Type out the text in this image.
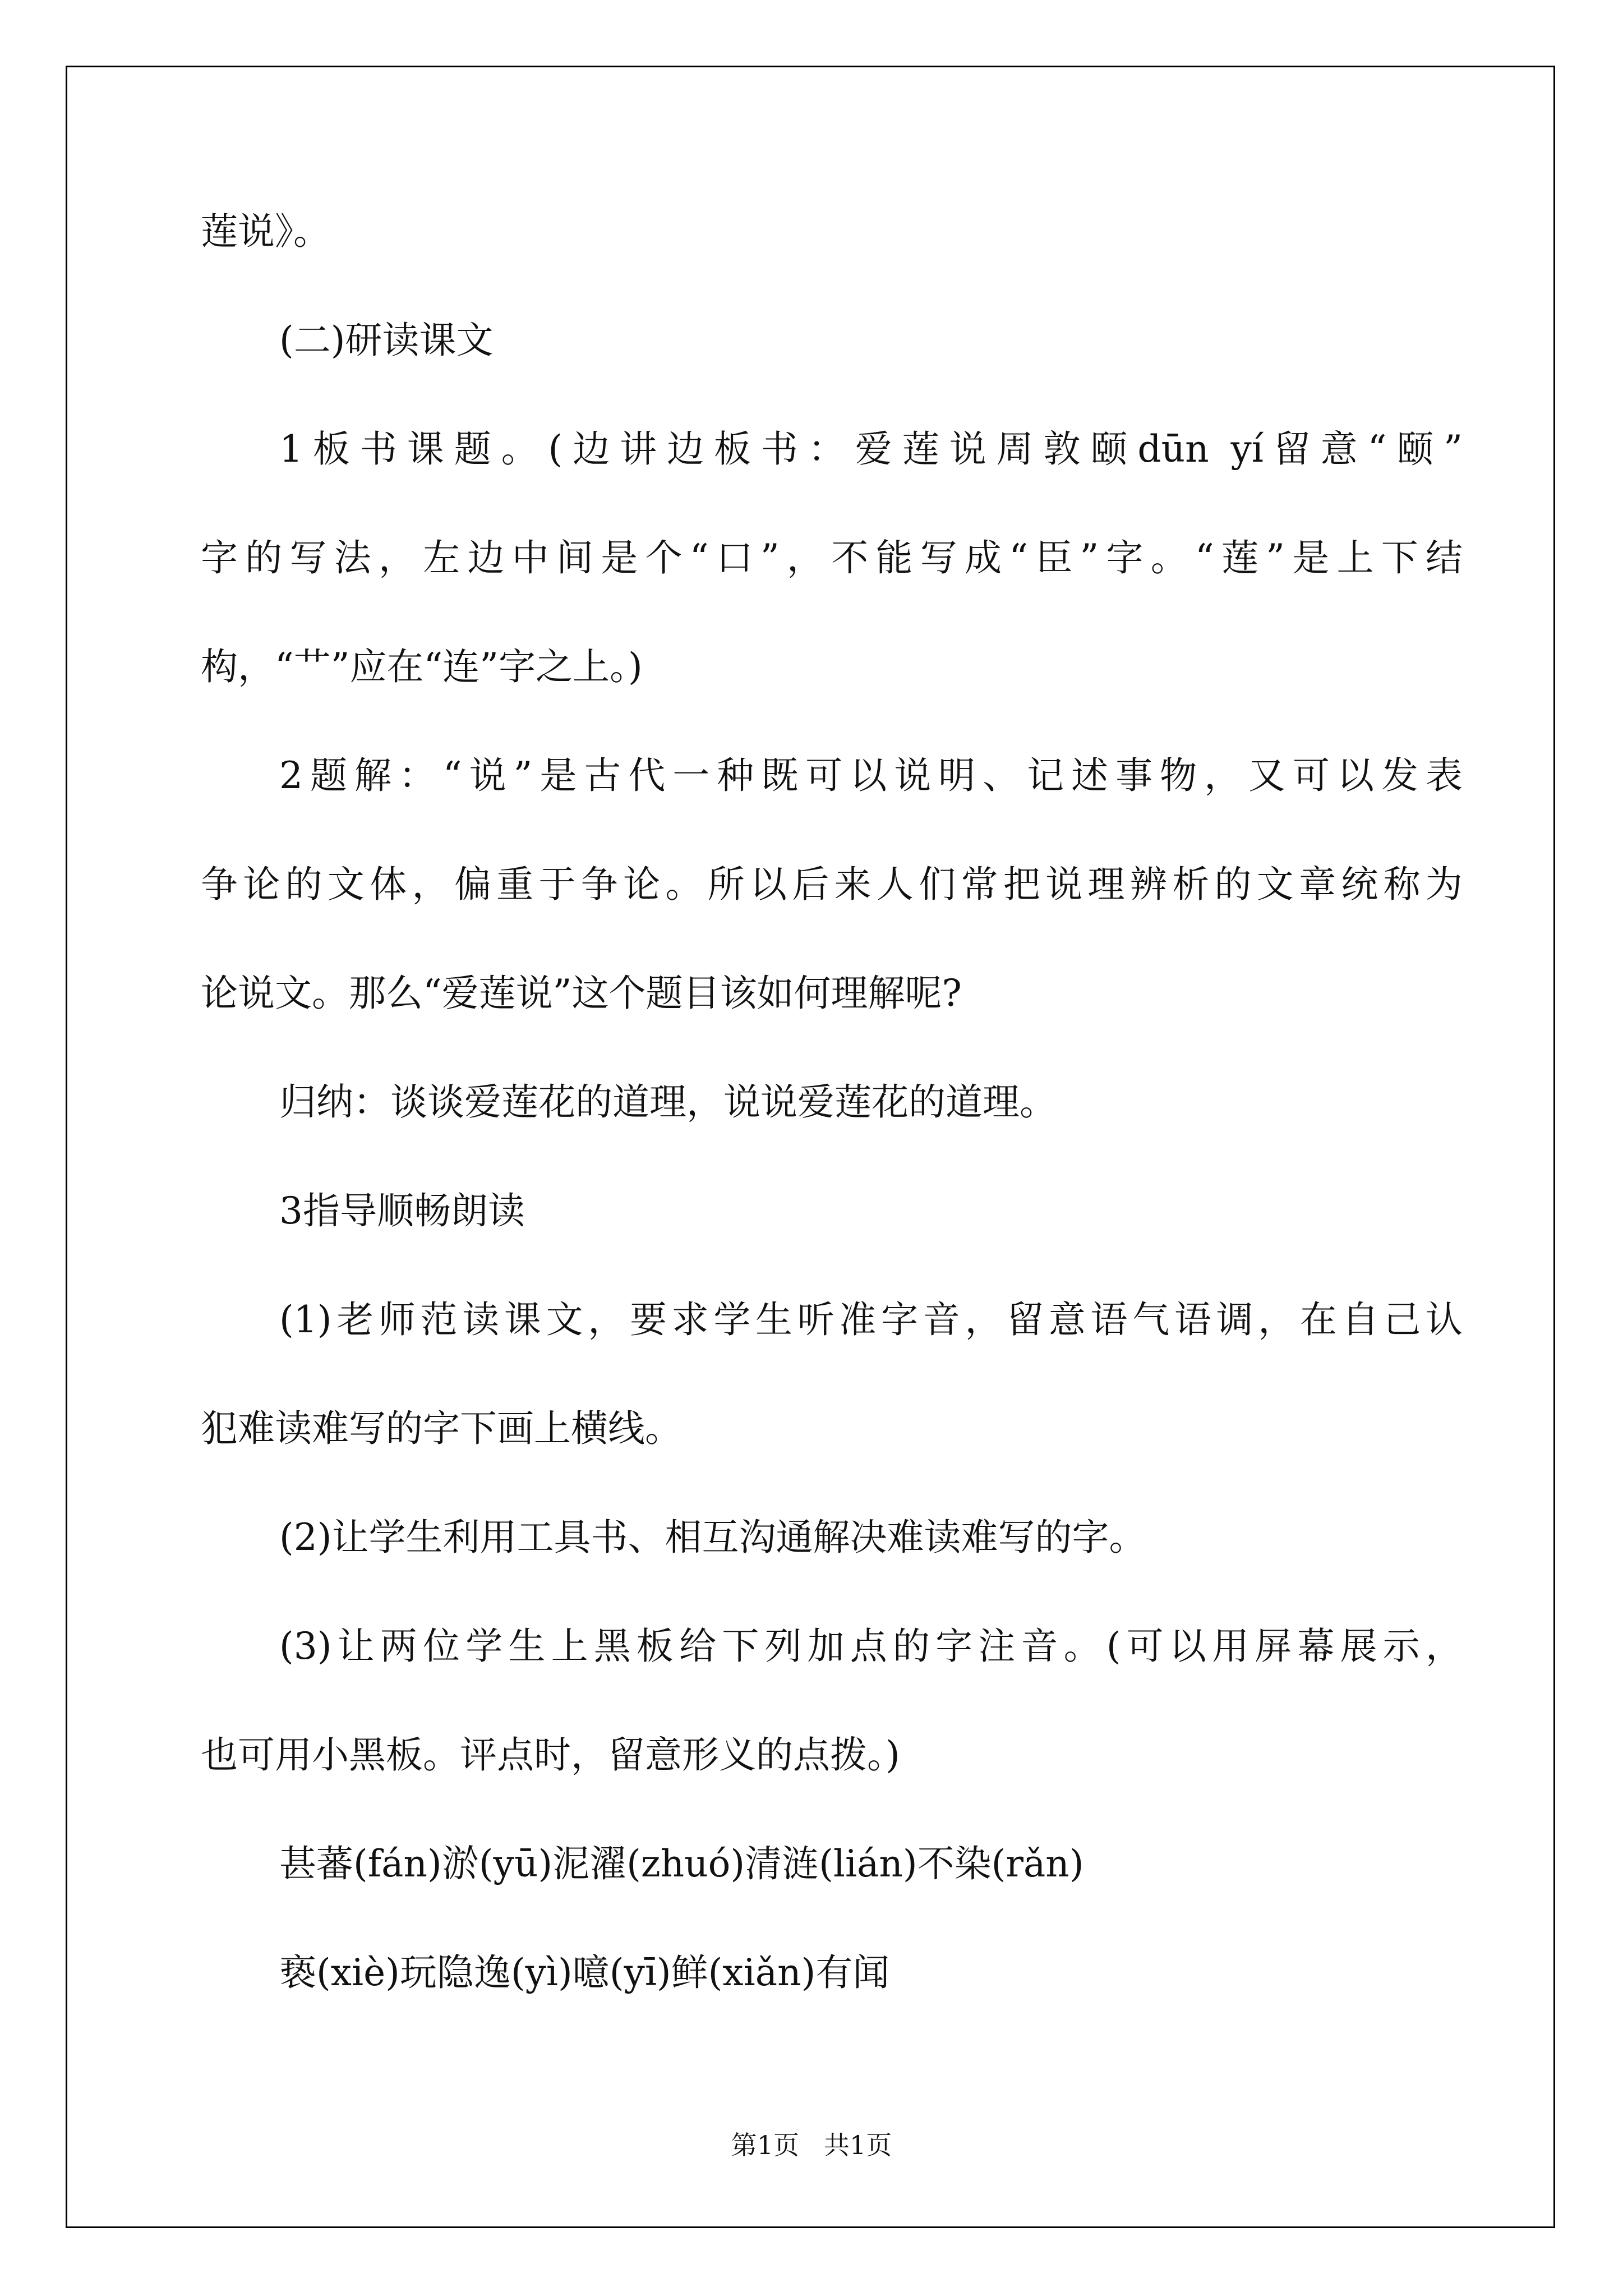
莲说》。
(二)研读课文
1板书课题。(边讲边板书：爱莲说周敦颐dūn yí留意“颐”
字的写法，左边中间是个“口”，不能写成“臣”字。“莲”是上下结
构，“艹”应在“连”字之上。)
2题解：“说”是古代一种既可以说明、记述事物，又可以发表
争论的文体，偏重于争论。所以后来人们常把说理辨析的文章统称为
论说文。那么“爱莲说”这个题目该如何理解呢?
归纳：谈谈爱莲花的道理，说说爱莲花的道理。
3指导顺畅朗读
(1)老师范读课文，要求学生听准字音，留意语气语调，在自己认
犯难读难写的字下画上横线。
(2)让学生利用工具书、相互沟通解决难读难写的字。
(3)让两位学生上黑板给下列加点的字注音。(可以用屏幕展示，
也可用小黑板。评点时，留意形义的点拨。)
甚蕃(fán)淤(yū)泥濯(zhuó)清涟(lián)不染(rǎn)
亵(xiè)玩隐逸(yì)噫(yī)鲜(xiǎn)有闻
第1页 共1页
